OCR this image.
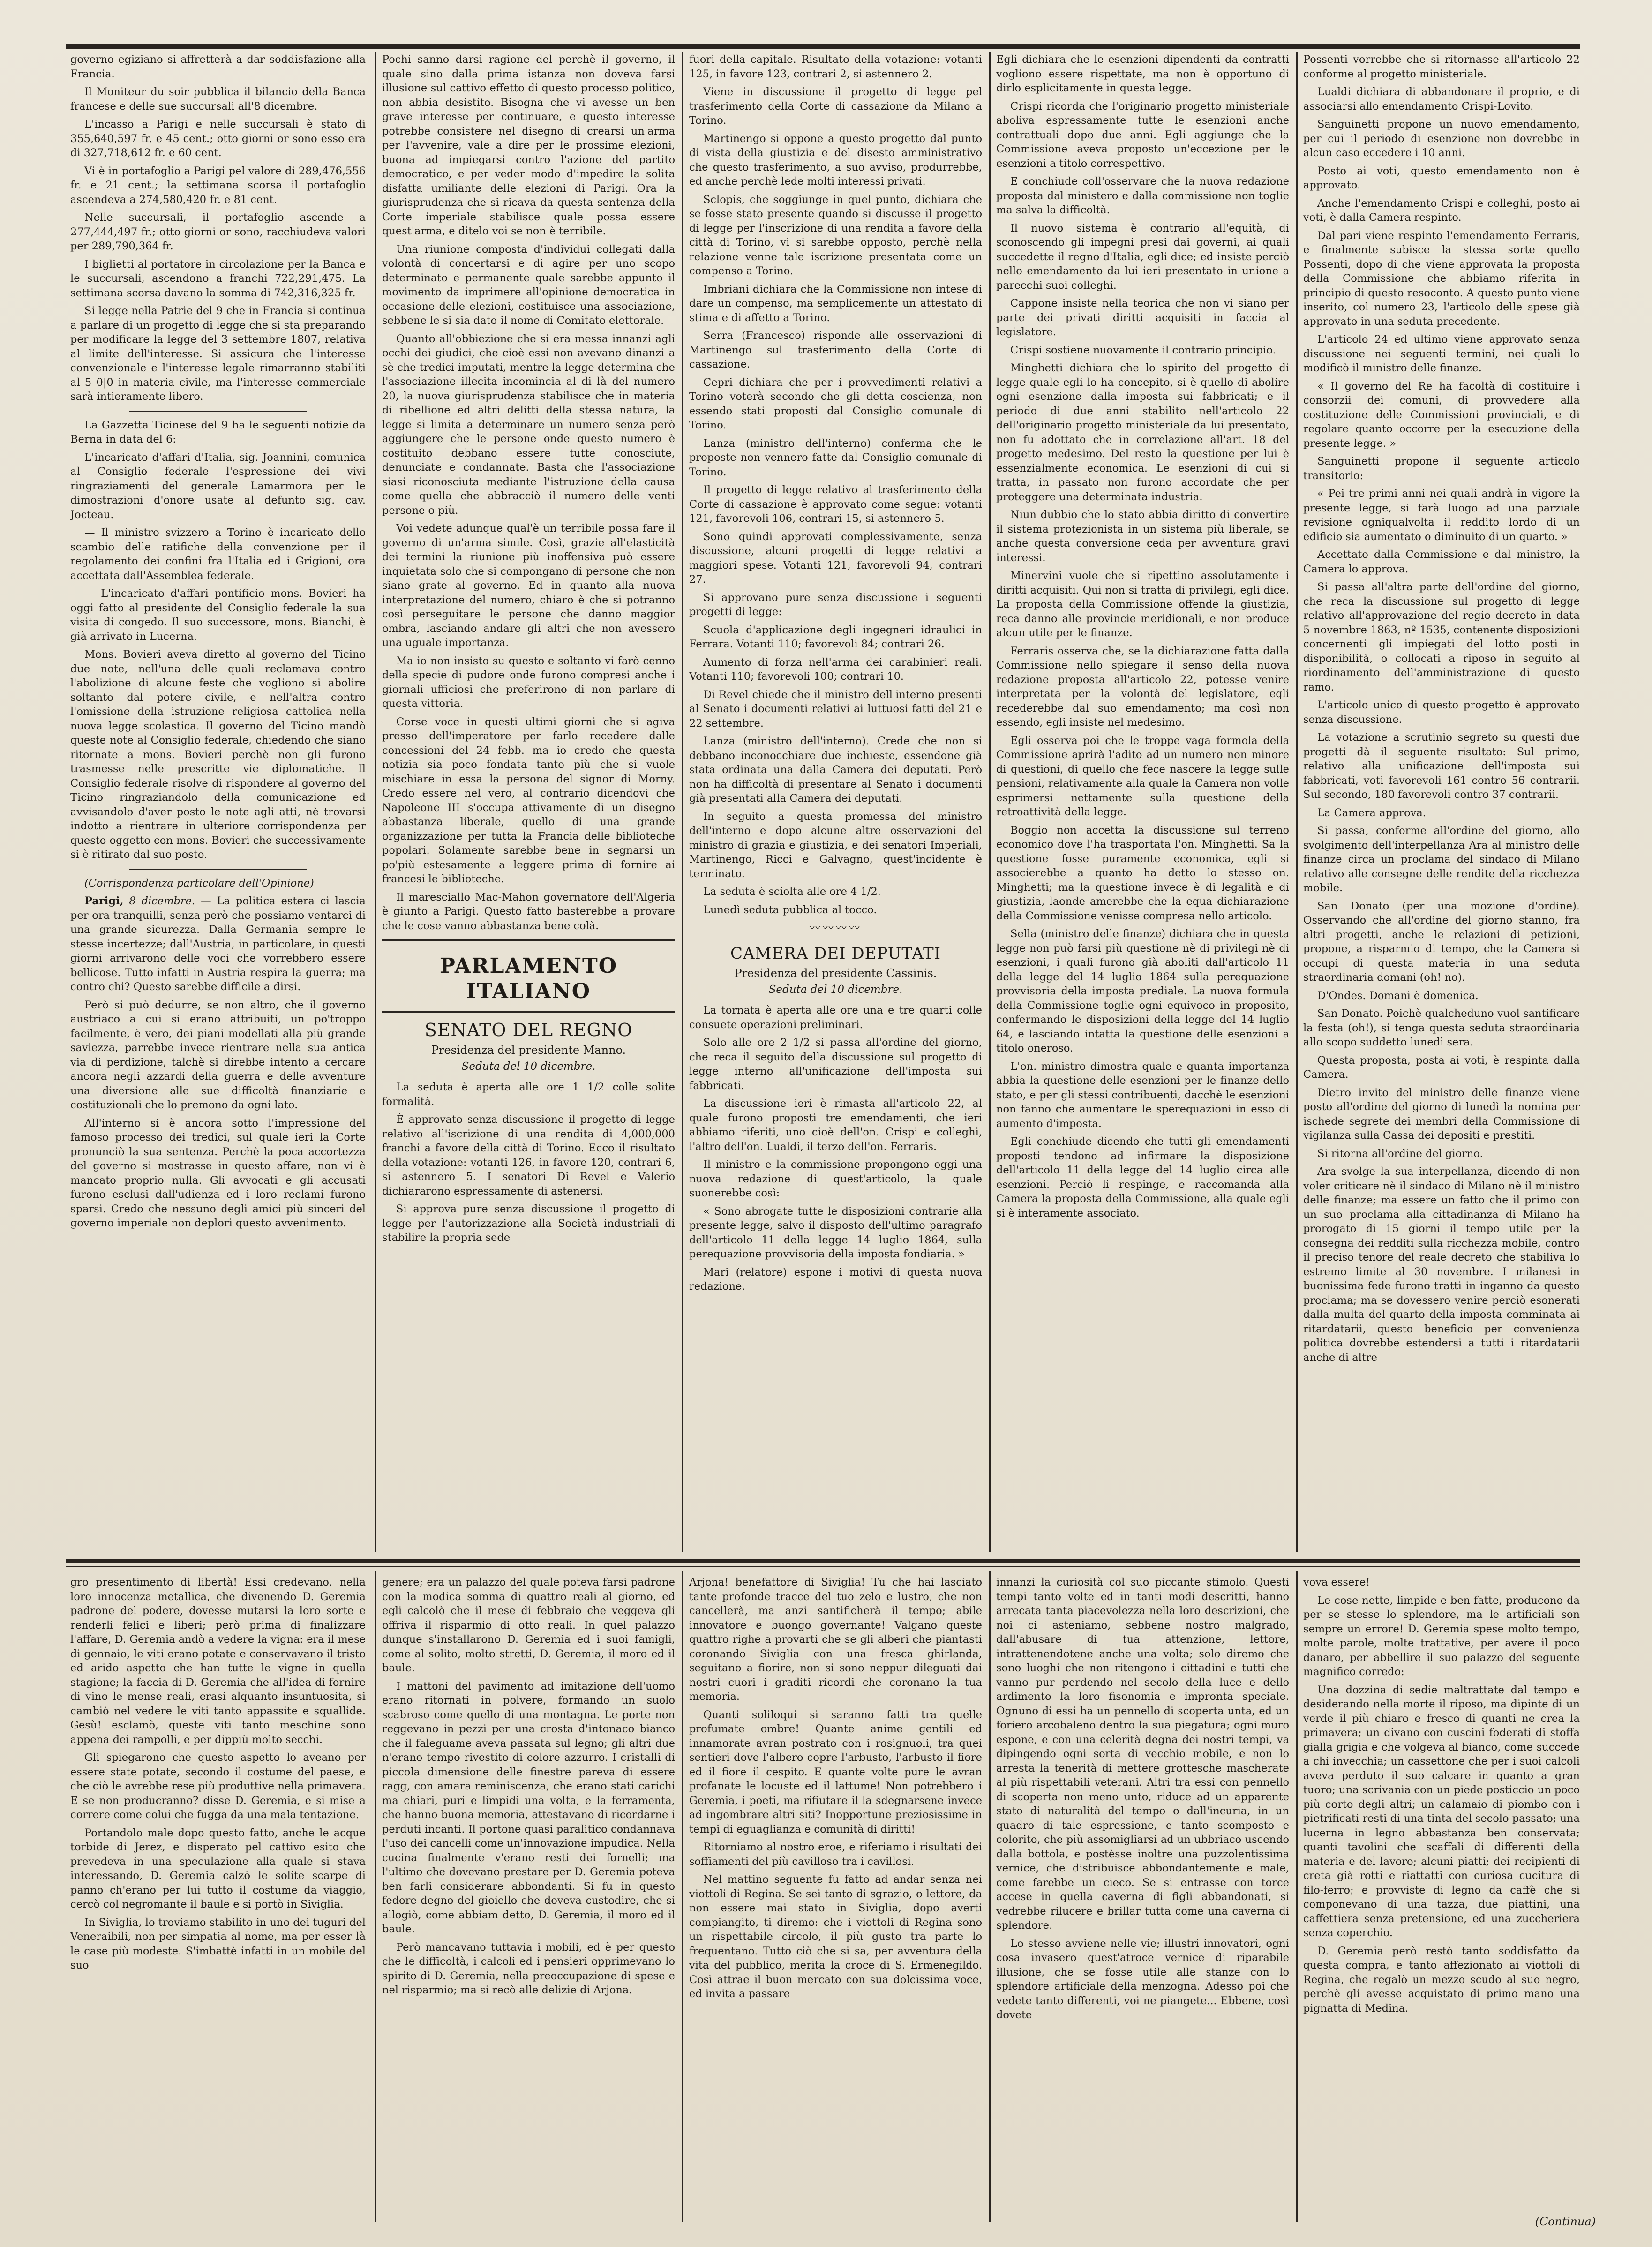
governo egiziano si affretterà a dar soddisfazione alla Francia.

Il Moniteur du soir pubblica il bilancio della Banca francese e delle sue succursali all'8 dicembre.

L'incasso a Parigi e nelle succursali è stato di 355,640,597 fr. e 45 cent.; otto giorni or sono esso era di 327,718,612 fr. e 60 cent.

Vi è in portafoglio a Parigi pel valore di 289,476,556 fr. e 21 cent.; la settimana scorsa il portafoglio ascendeva a 274,580,420 fr. e 81 cent.

Nelle succursali, il portafoglio ascende a 277,444,497 fr.; otto giorni or sono, racchiudeva valori per 289,790,364 fr.

I biglietti al portatore in circolazione per la Banca e le succursali, ascendono a franchi 722,291,475. La settimana scorsa davano la somma di 742,316,325 fr.

Si legge nella Patrie del 9 che in Francia si continua a parlare di un progetto di legge che si sta preparando per modificare la legge del 3 settembre 1807, relativa al limite dell'interesse. Si assicura che l'interesse convenzionale e l'interesse legale rimarranno stabiliti al 5 0|0 in materia civile, ma l'interesse commerciale sarà intieramente libero.

La Gazzetta Ticinese del 9 ha le seguenti notizie da Berna in data del 6:

L'incaricato d'affari d'Italia, sig. Joannini, comunica al Consiglio federale l'espressione dei vivi ringraziamenti del generale Lamarmora per le dimostrazioni d'onore usate al defunto sig. cav. Jocteau.

— Il ministro svizzero a Torino è incaricato dello scambio delle ratifiche della convenzione per il regolamento dei confini fra l'Italia ed i Grigioni, ora accettata dall'Assemblea federale.

— L'incaricato d'affari pontificio mons. Bovieri ha oggi fatto al presidente del Consiglio federale la sua visita di congedo. Il suo successore, mons. Bianchi, è già arrivato in Lucerna.

Mons. Bovieri aveva diretto al governo del Ticino due note, nell'una delle quali reclamava contro l'abolizione di alcune feste che vogliono si abolire soltanto dal potere civile, e nell'altra contro l'omissione della istruzione religiosa cattolica nella nuova legge scolastica. Il governo del Ticino mandò queste note al Consiglio federale, chiedendo che siano ritornate a mons. Bovieri perchè non gli furono trasmesse nelle prescritte vie diplomatiche. Il Consiglio federale risolve di rispondere al governo del Ticino ringraziandolo della comunicazione ed avvisandolo d'aver posto le note agli atti, nè trovarsi indotto a rientrare in ulteriore corrispondenza per questo oggetto con mons. Bovieri che successivamente si è ritirato dal suo posto.

(Corrispondenza particolare dell'Opinione)

Parigi, 8 dicembre. — La politica estera ci lascia per ora tranquilli, senza però che possiamo ventarci di una grande sicurezza. Dalla Germania sempre le stesse incertezze; dall'Austria, in particolare, in questi giorni arrivarono delle voci che vorrebbero essere bellicose. Tutto infatti in Austria respira la guerra; ma contro chi? Questo sarebbe difficile a dirsi.

Però si può dedurre, se non altro, che il governo austriaco a cui si erano attribuiti, un po'troppo facilmente, è vero, dei piani modellati alla più grande saviezza, parrebbe invece rientrare nella sua antica via di perdizione, talchè si direbbe intento a cercare ancora negli azzardi della guerra e delle avventure una diversione alle sue difficoltà finanziarie e costituzionali che lo premono da ogni lato.

All'interno si è ancora sotto l'impressione del famoso processo dei tredici, sul quale ieri la Corte pronunciò la sua sentenza. Perchè la poca accortezza del governo si mostrasse in questo affare, non vi è mancato proprio nulla. Gli avvocati e gli accusati furono esclusi dall'udienza ed i loro reclami furono sparsi. Credo che nessuno degli amici più sinceri del governo imperiale non deplori questo avvenimento.

Pochi sanno darsi ragione del perchè il governo, il quale sino dalla prima istanza non doveva farsi illusione sul cattivo effetto di questo processo politico, non abbia desistito. Bisogna che vi avesse un ben grave interesse per continuare, e questo interesse potrebbe consistere nel disegno di crearsi un'arma per l'avvenire, vale a dire per le prossime elezioni, buona ad impiegarsi contro l'azione del partito democratico, e per veder modo d'impedire la solita disfatta umiliante delle elezioni di Parigi. Ora la giurisprudenza che si ricava da questa sentenza della Corte imperiale stabilisce quale possa essere quest'arma, e ditelo voi se non è terribile.

Una riunione composta d'individui collegati dalla volontà di concertarsi e di agire per uno scopo determinato e permanente quale sarebbe appunto il movimento da imprimere all'opinione democratica in occasione delle elezioni, costituisce una associazione, sebbene le si sia dato il nome di Comitato elettorale.

Quanto all'obbiezione che si era messa innanzi agli occhi dei giudici, che cioè essi non avevano dinanzi a sè che tredici imputati, mentre la legge determina che l'associazione illecita incomincia al di là del numero 20, la nuova giurisprudenza stabilisce che in materia di ribellione ed altri delitti della stessa natura, la legge si limita a determinare un numero senza però aggiungere che le persone onde questo numero è costituito debbano essere tutte conosciute, denunciate e condannate. Basta che l'associazione siasi riconosciuta mediante l'istruzione della causa come quella che abbracciò il numero delle venti persone o più.

Voi vedete adunque qual'è un terribile possa fare il governo di un'arma simile. Così, grazie all'elasticità dei termini la riunione più inoffensiva può essere inquietata solo che si compongano di persone che non siano grate al governo. Ed in quanto alla nuova interpretazione del numero, chiaro è che si potranno così perseguitare le persone che danno maggior ombra, lasciando andare gli altri che non avessero una uguale importanza.

Ma io non insisto su questo e soltanto vi farò cenno della specie di pudore onde furono compresi anche i giornali ufficiosi che preferirono di non parlare di questa vittoria.

Corse voce in questi ultimi giorni che si agiva presso dell'imperatore per farlo recedere dalle concessioni del 24 febb. ma io credo che questa notizia sia poco fondata tanto più che si vuole mischiare in essa la persona del signor di Morny. Credo essere nel vero, al contrario dicendovi che Napoleone III s'occupa attivamente di un disegno abbastanza liberale, quello di una grande organizzazione per tutta la Francia delle biblioteche popolari. Solamente sarebbe bene in segnarsi un po'più estesamente a leggere prima di fornire ai francesi le biblioteche.

Il maresciallo Mac-Mahon governatore dell'Algeria è giunto a Parigi. Questo fatto basterebbe a provare che le cose vanno abbastanza bene colà.

PARLAMENTO ITALIANO
SENATO DEL REGNO
Presidenza del presidente Manno.
Seduta del 10 dicembre.

La seduta è aperta alle ore 1 1/2 colle solite formalità.

È approvato senza discussione il progetto di legge relativo all'iscrizione di una rendita di 4,000,000 franchi a favore della città di Torino. Ecco il risultato della votazione: votanti 126, in favore 120, contrari 6, si astennero 5. I senatori Di Revel e Valerio dichiararono espressamente di astenersi.

Si approva pure senza discussione il progetto di legge per l'autorizzazione alla Società industriali di stabilire la propria sede

fuori della capitale. Risultato della votazione: votanti 125, in favore 123, contrari 2, si astennero 2.

Viene in discussione il progetto di legge pel trasferimento della Corte di cassazione da Milano a Torino.

Martinengo si oppone a questo progetto dal punto di vista della giustizia e del disesto amministrativo che questo trasferimento, a suo avviso, produrrebbe, ed anche perchè lede molti interessi privati.

Sclopis, che soggiunge in quel punto, dichiara che se fosse stato presente quando si discusse il progetto di legge per l'inscrizione di una rendita a favore della città di Torino, vi si sarebbe opposto, perchè nella relazione venne tale iscrizione presentata come un compenso a Torino.

Imbriani dichiara che la Commissione non intese di dare un compenso, ma semplicemente un attestato di stima e di affetto a Torino.

Serra (Francesco) risponde alle osservazioni di Martinengo sul trasferimento della Corte di cassazione.

Cepri dichiara che per i provvedimenti relativi a Torino voterà secondo che gli detta coscienza, non essendo stati proposti dal Consiglio comunale di Torino.

Lanza (ministro dell'interno) conferma che le proposte non vennero fatte dal Consiglio comunale di Torino.

Il progetto di legge relativo al trasferimento della Corte di cassazione è approvato come segue: votanti 121, favorevoli 106, contrari 15, si astennero 5.

Sono quindi approvati complessivamente, senza discussione, alcuni progetti di legge relativi a maggiori spese. Votanti 121, favorevoli 94, contrari 27.

Si approvano pure senza discussione i seguenti progetti di legge:

Scuola d'applicazione degli ingegneri idraulici in Ferrara. Votanti 110; favorevoli 84; contrari 26.

Aumento di forza nell'arma dei carabinieri reali. Votanti 110; favorevoli 100; contrari 10.

Di Revel chiede che il ministro dell'interno presenti al Senato i documenti relativi ai luttuosi fatti del 21 e 22 settembre.

Lanza (ministro dell'interno). Crede che non si debbano inconocchiare due inchieste, essendone già stata ordinata una dalla Camera dei deputati. Però non ha difficoltà di presentare al Senato i documenti già presentati alla Camera dei deputati.

In seguito a questa promessa del ministro dell'interno e dopo alcune altre osservazioni del ministro di grazia e giustizia, e dei senatori Imperiali, Martinengo, Ricci e Galvagno, quest'incidente è terminato.

La seduta è sciolta alle ore 4 1/2.

Lunedì seduta pubblica al tocco.

〰〰〰〰
CAMERA DEI DEPUTATI
Presidenza del presidente Cassinis.
Seduta del 10 dicembre.

La tornata è aperta alle ore una e tre quarti colle consuete operazioni preliminari.

Solo alle ore 2 1/2 si passa all'ordine del giorno, che reca il seguito della discussione sul progetto di legge interno all'unificazione dell'imposta sui fabbricati.

La discussione ieri è rimasta all'articolo 22, al quale furono proposti tre emendamenti, che ieri abbiamo riferiti, uno cioè dell'on. Crispi e colleghi, l'altro dell'on. Lualdi, il terzo dell'on. Ferraris.

Il ministro e la commissione propongono oggi una nuova redazione di quest'articolo, la quale suonerebbe così:

« Sono abrogate tutte le disposizioni contrarie alla presente legge, salvo il disposto dell'ultimo paragrafo dell'articolo 11 della legge 14 luglio 1864, sulla perequazione provvisoria della imposta fondiaria. »

Mari (relatore) espone i motivi di questa nuova redazione.

Egli dichiara che le esenzioni dipendenti da contratti vogliono essere rispettate, ma non è opportuno di dirlo esplicitamente in questa legge.

Crispi ricorda che l'originario progetto ministeriale aboliva espressamente tutte le esenzioni anche contrattuali dopo due anni. Egli aggiunge che la Commissione aveva proposto un'eccezione per le esenzioni a titolo correspettivo.

E conchiude coll'osservare che la nuova redazione proposta dal ministero e dalla commissione non toglie ma salva la difficoltà.

Il nuovo sistema è contrario all'equità, di sconoscendo gli impegni presi dai governi, ai quali succedette il regno d'Italia, egli dice; ed insiste perciò nello emendamento da lui ieri presentato in unione a parecchi suoi colleghi.

Cappone insiste nella teorica che non vi siano per parte dei privati diritti acquisiti in faccia al legislatore.

Crispi sostiene nuovamente il contrario principio.

Minghetti dichiara che lo spirito del progetto di legge quale egli lo ha concepito, si è quello di abolire ogni esenzione dalla imposta sui fabbricati; e il periodo di due anni stabilito nell'articolo 22 dell'originario progetto ministeriale da lui presentato, non fu adottato che in correlazione all'art. 18 del progetto medesimo. Del resto la questione per lui è essenzialmente economica. Le esenzioni di cui si tratta, in passato non furono accordate che per proteggere una determinata industria.

Niun dubbio che lo stato abbia diritto di convertire il sistema protezionista in un sistema più liberale, se anche questa conversione ceda per avventura gravi interessi.

Minervini vuole che si ripettino assolutamente i diritti acquisiti. Qui non si tratta di privilegi, egli dice. La proposta della Commissione offende la giustizia, reca danno alle provincie meridionali, e non produce alcun utile per le finanze.

Ferraris osserva che, se la dichiarazione fatta dalla Commissione nello spiegare il senso della nuova redazione proposta all'articolo 22, potesse venire interpretata per la volontà del legislatore, egli recederebbe dal suo emendamento; ma così non essendo, egli insiste nel medesimo.

Egli osserva poi che le troppe vaga formola della Commissione aprirà l'adito ad un numero non minore di questioni, di quello che fece nascere la legge sulle pensioni, relativamente alla quale la Camera non volle esprimersi nettamente sulla questione della retroattività della legge.

Boggio non accetta la discussione sul terreno economico dove l'ha trasportata l'on. Minghetti. Sa la questione fosse puramente economica, egli si associerebbe a quanto ha detto lo stesso on. Minghetti; ma la questione invece è di legalità e di giustizia, laonde amerebbe che la equa dichiarazione della Commissione venisse compresa nello articolo.

Sella (ministro delle finanze) dichiara che in questa legge non può farsi più questione nè di privilegi nè di esenzioni, i quali furono già aboliti dall'articolo 11 della legge del 14 luglio 1864 sulla perequazione provvisoria della imposta prediale. La nuova formula della Commissione toglie ogni equivoco in proposito, confermando le disposizioni della legge del 14 luglio 64, e lasciando intatta la questione delle esenzioni a titolo oneroso.

L'on. ministro dimostra quale e quanta importanza abbia la questione delle esenzioni per le finanze dello stato, e per gli stessi contribuenti, dacchè le esenzioni non fanno che aumentare le sperequazioni in esso di aumento d'imposta.

Egli conchiude dicendo che tutti gli emendamenti proposti tendono ad infirmare la disposizione dell'articolo 11 della legge del 14 luglio circa alle esenzioni. Perciò li respinge, e raccomanda alla Camera la proposta della Commissione, alla quale egli si è interamente associato.

Possenti vorrebbe che si ritornasse all'articolo 22 conforme al progetto ministeriale.

Lualdi dichiara di abbandonare il proprio, e di associarsi allo emendamento Crispi-Lovito.

Sanguinetti propone un nuovo emendamento, per cui il periodo di esenzione non dovrebbe in alcun caso eccedere i 10 anni.

Posto ai voti, questo emendamento non è approvato.

Anche l'emendamento Crispi e colleghi, posto ai voti, è dalla Camera respinto.

Dal pari viene respinto l'emendamento Ferraris, e finalmente subisce la stessa sorte quello Possenti, dopo di che viene approvata la proposta della Commissione che abbiamo riferita in principio di questo resoconto. A questo punto viene inserito, col numero 23, l'articolo delle spese già approvato in una seduta precedente.

L'articolo 24 ed ultimo viene approvato senza discussione nei seguenti termini, nei quali lo modificò il ministro delle finanze.

« Il governo del Re ha facoltà di costituire i consorzii dei comuni, di provvedere alla costituzione delle Commissioni provinciali, e di regolare quanto occorre per la esecuzione della presente legge. »

Sanguinetti propone il seguente articolo transitorio:

« Pei tre primi anni nei quali andrà in vigore la presente legge, si farà luogo ad una parziale revisione ogniqualvolta il reddito lordo di un edificio sia aumentato o diminuito di un quarto. »

Accettato dalla Commissione e dal ministro, la Camera lo approva.

Si passa all'altra parte dell'ordine del giorno, che reca la discussione sul progetto di legge relativo all'approvazione del regio decreto in data 5 novembre 1863, nº 1535, contenente disposizioni concernenti gli impiegati del lotto posti in disponibilità, o collocati a riposo in seguito al riordinamento dell'amministrazione di questo ramo.

L'articolo unico di questo progetto è approvato senza discussione.

La votazione a scrutinio segreto su questi due progetti dà il seguente risultato: Sul primo, relativo alla unificazione dell'imposta sui fabbricati, voti favorevoli 161 contro 56 contrarii. Sul secondo, 180 favorevoli contro 37 contrarii.

La Camera approva.

Si passa, conforme all'ordine del giorno, allo svolgimento dell'interpellanza Ara al ministro delle finanze circa un proclama del sindaco di Milano relativo alle consegne delle rendite della ricchezza mobile.

San Donato (per una mozione d'ordine). Osservando che all'ordine del giorno stanno, fra altri progetti, anche le relazioni di petizioni, propone, a risparmio di tempo, che la Camera si occupi di questa materia in una seduta straordinaria domani (oh! no).

D'Ondes. Domani è domenica.

San Donato. Poichè qualcheduno vuol santificare la festa (oh!), si tenga questa seduta straordinaria allo scopo suddetto lunedì sera.

Questa proposta, posta ai voti, è respinta dalla Camera.

Dietro invito del ministro delle finanze viene posto all'ordine del giorno di lunedì la nomina per ischede segrete dei membri della Commissione di vigilanza sulla Cassa dei depositi e prestiti.

Si ritorna all'ordine del giorno.

Ara svolge la sua interpellanza, dicendo di non voler criticare nè il sindaco di Milano nè il ministro delle finanze; ma essere un fatto che il primo con un suo proclama alla cittadinanza di Milano ha prorogato di 15 giorni il tempo utile per la consegna dei redditi sulla ricchezza mobile, contro il preciso tenore del reale decreto che stabiliva lo estremo limite al 30 novembre. I milanesi in buonissima fede furono tratti in inganno da questo proclama; ma se dovessero venire perciò esonerati dalla multa del quarto della imposta comminata ai ritardatarii, questo beneficio per convenienza politica dovrebbe estendersi a tutti i ritardatarii anche di altre

gro presentimento di libertà! Essi credevano, nella loro innocenza metallica, che divenendo D. Geremia padrone del podere, dovesse mutarsi la loro sorte e renderli felici e liberi; però prima di finalizzare l'affare, D. Geremia andò a vedere la vigna: era il mese di gennaio, le viti erano potate e conservavano il tristo ed arido aspetto che han tutte le vigne in quella stagione; la faccia di D. Geremia che all'idea di fornire di vino le mense reali, erasi alquanto insuntuosita, si cambiò nel vedere le viti tanto appassite e squallide. Gesù! esclamò, queste viti tanto meschine sono appena dei rampolli, e per dippiù molto secchi.

Gli spiegarono che questo aspetto lo aveano per essere state potate, secondo il costume del paese, e che ciò le avrebbe rese più produttive nella primavera. E se non producranno? disse D. Geremia, e si mise a correre come colui che fugga da una mala tentazione.

Portandolo male dopo questo fatto, anche le acque torbide di Jerez, e disperato pel cattivo esito che prevedeva in una speculazione alla quale si stava interessando, D. Geremia calzò le solite scarpe di panno ch'erano per lui tutto il costume da viaggio, cercò col negromante il baule e si portò in Siviglia.

In Siviglia, lo troviamo stabilito in uno dei tuguri del Veneraibili, non per simpatia al nome, ma per esser là le case più modeste. S'imbattè infatti in un mobile del suo

genere; era un palazzo del quale poteva farsi padrone con la modica somma di quattro reali al giorno, ed egli calcolò che il mese di febbraio che veggeva gli offriva il risparmio di otto reali. In quel palazzo dunque s'installarono D. Geremia ed i suoi famigli, come al solito, molto stretti, D. Geremia, il moro ed il baule.

I mattoni del pavimento ad imitazione dell'uomo erano ritornati in polvere, formando un suolo scabroso come quello di una montagna. Le porte non reggevano in pezzi per una crosta d'intonaco bianco che il faleguame aveva passata sul legno; gli altri due n'erano tempo rivestito di colore azzurro. I cristalli di piccola dimensione delle finestre pareva di essere ragg, con amara reminiscenza, che erano stati carichi ma chiari, puri e limpidi una volta, e la ferramenta, che hanno buona memoria, attestavano di ricordarne i perduti incanti. Il portone quasi paralitico condannava l'uso dei cancelli come un'innovazione impudica. Nella cucina finalmente v'erano resti dei fornelli; ma l'ultimo che dovevano prestare per D. Geremia poteva ben farli considerare abbondanti. Si fu in questo fedore degno del gioiello che doveva custodire, che si allogiò, come abbiam detto, D. Geremia, il moro ed il baule.

Però mancavano tuttavia i mobili, ed è per questo che le difficoltà, i calcoli ed i pensieri opprimevano lo spirito di D. Geremia, nella preoccupazione di spese e nel risparmio; ma si recò alle delizie di Arjona.

Arjona! benefattore di Siviglia! Tu che hai lasciato tante profonde tracce del tuo zelo e lustro, che non cancellerà, ma anzi santificherà il tempo; abile innovatore e buongo governante! Valgano queste quattro righe a provarti che se gli alberi che piantasti coronando Siviglia con una fresca ghirlanda, seguitano a fiorire, non si sono neppur dileguati dai nostri cuori i graditi ricordi che coronano la tua memoria.

Quanti soliloqui si saranno fatti tra quelle profumate ombre! Quante anime gentili ed innamorate avran postrato con i rosignuoli, tra quei sentieri dove l'albero copre l'arbusto, l'arbusto il fiore ed il fiore il cespito. E quante volte pure le avran profanate le locuste ed il lattume! Non potrebbero i Geremia, i poeti, ma rifiutare il la sdegnarsene invece ad ingombrare altri siti? Inopportune preziosissime in tempi di eguaglianza e comunità di diritti!

Ritorniamo al nostro eroe, e riferiamo i risultati dei soffiamenti del più cavilloso tra i cavillosi.

Nel mattino seguente fu fatto ad andar senza nei viottoli di Regina. Se sei tanto di sgrazio, o lettore, da non essere mai stato in Siviglia, dopo averti compiangito, ti diremo: che i viottoli di Regina sono un rispettabile circolo, il più gusto tra parte lo frequentano. Tutto ciò che si sa, per avventura della vita del pubblico, merita la croce di S. Ermenegildo. Così attrae il buon mercato con sua dolcissima voce, ed invita a passare

innanzi la curiosità col suo piccante stimolo. Questi tempi tanto volte ed in tanti modi descritti, hanno arrecata tanta piacevolezza nella loro descrizioni, che noi ci asteniamo, sebbene nostro malgrado, dall'abusare di tua attenzione, lettore, intrattenendotene anche una volta; solo diremo che sono luoghi che non ritengono i cittadini e tutti che vanno pur perdendo nel secolo della luce e dello ardimento la loro fisonomia e impronta speciale. Ognuno di essi ha un pennello di scoperta unta, ed un foriero arcobaleno dentro la sua piegatura; ogni muro espone, e con una celerità degna dei nostri tempi, va dipingendo ogni sorta di vecchio mobile, e non lo arresta la tenerità di mettere grottesche mascherate al più rispettabili veterani. Altri tra essi con pennello di scoperta non meno unto, riduce ad un apparente stato di naturalità del tempo o dall'incuria, in un quadro di tale espressione, e tanto scomposto e colorito, che più assomigliarsi ad un ubbriaco uscendo dalla bottola, e postèsse inoltre una puzzolentissima vernice, che distribuisce abbondantemente e male, come farebbe un cieco. Se si entrasse con torce accese in quella caverna di figli abbandonati, si vedrebbe rilucere e brillar tutta come una caverna di splendore.

Lo stesso avviene nelle vie; illustri innovatori, ogni cosa invasero quest'atroce vernice di riparabile illusione, che se fosse utile alle stanze con lo splendore artificiale della menzogna. Adesso poi che vedete tanto differenti, voi ne piangete... Ebbene, così dovete

vova essere!

Le cose nette, limpide e ben fatte, producono da per se stesse lo splendore, ma le artificiali son sempre un errore! D. Geremia spese molto tempo, molte parole, molte trattative, per avere il poco danaro, per abbellire il suo palazzo del seguente magnifico corredo:

Una dozzina di sedie maltrattate dal tempo e desiderando nella morte il riposo, ma dipinte di un verde il più chiaro e fresco di quanti ne crea la primavera; un divano con cuscini foderati di stoffa gialla grigia e che volgeva al bianco, come succede a chi invecchia; un cassettone che per i suoi calcoli aveva perduto il suo calcare in quanto a gran tuoro; una scrivania con un piede posticcio un poco più corto degli altri; un calamaio di piombo con i pietrificati resti di una tinta del secolo passato; una lucerna in legno abbastanza ben conservata; quanti tavolini che scaffali di differenti della materia e del lavoro; alcuni piatti; dei recipienti di creta già rotti e riattatti con curiosa cucitura di filo-ferro; e provviste di legno da caffè che si componevano di una tazza, due piattini, una caffettiera senza pretensione, ed una zuccheriera senza coperchio.

D. Geremia però restò tanto soddisfatto da questa compra, e tanto affezionato ai viottoli di Regina, che regalò un mezzo scudo al suo negro, perchè gli avesse acquistato di primo mano una pignatta di Medina.

(Continua)
